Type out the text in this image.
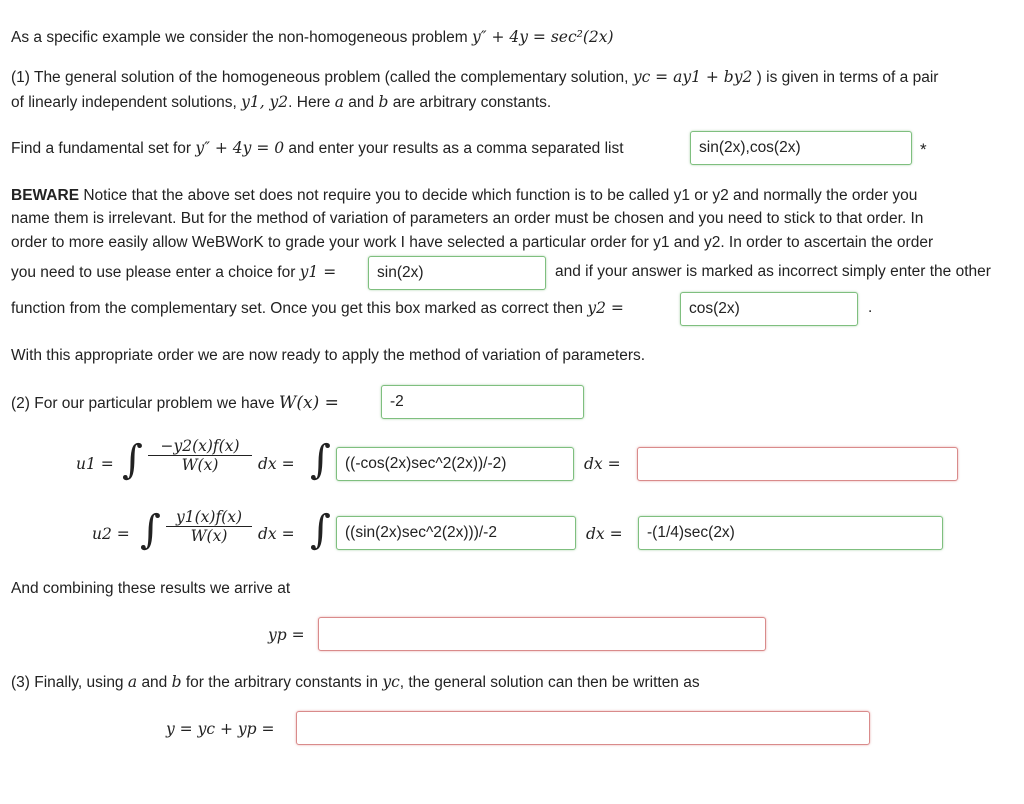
As a specific example we consider the non-homogeneous problem y″ + 4y = sec²(2x)
(1) The general solution of the homogeneous problem (called the complementary solution, yc = ay1 + by2 ) is given in terms of a pair
of linearly independent solutions, y1, y2. Here a and b are arbitrary constants.
Find a fundamental set for y″ + 4y = 0 and enter your results as a comma separated list	sin(2x),cos(2x)	*
BEWARE Notice that the above set does not require you to decide which function is to be called y1 or y2 and normally the order you
name them is irrelevant. But for the method of variation of parameters an order must be chosen and you need to stick to that order. In
order to more easily allow WeBWorK to grade your work I have selected a particular order for y1 and y2. In order to ascertain the order
you need to use please enter a choice for y1 =	sin(2x)	and if your answer is marked as incorrect simply enter the other
function from the complementary set. Once you get this box marked as correct then y2 =	cos(2x)	.
With this appropriate order we are now ready to apply the method of variation of parameters.
(2) For our particular problem we have W(x) =	-2
u1 = ∫	−y2(x)f(x)
W(x)	dx = ∫ ((-cos(2x)sec^2(2x))/-2)	dx =
u2 = ∫ y1(x)f(x)
W(x)	dx = ∫ ((sin(2x)sec^2(2x)))/-2	dx =	-(1/4)sec(2x)
And combining these results we arrive at
yp =
(3) Finally, using a and b for the arbitrary constants in yc, the general solution can then be written as
y = yc + yp =
